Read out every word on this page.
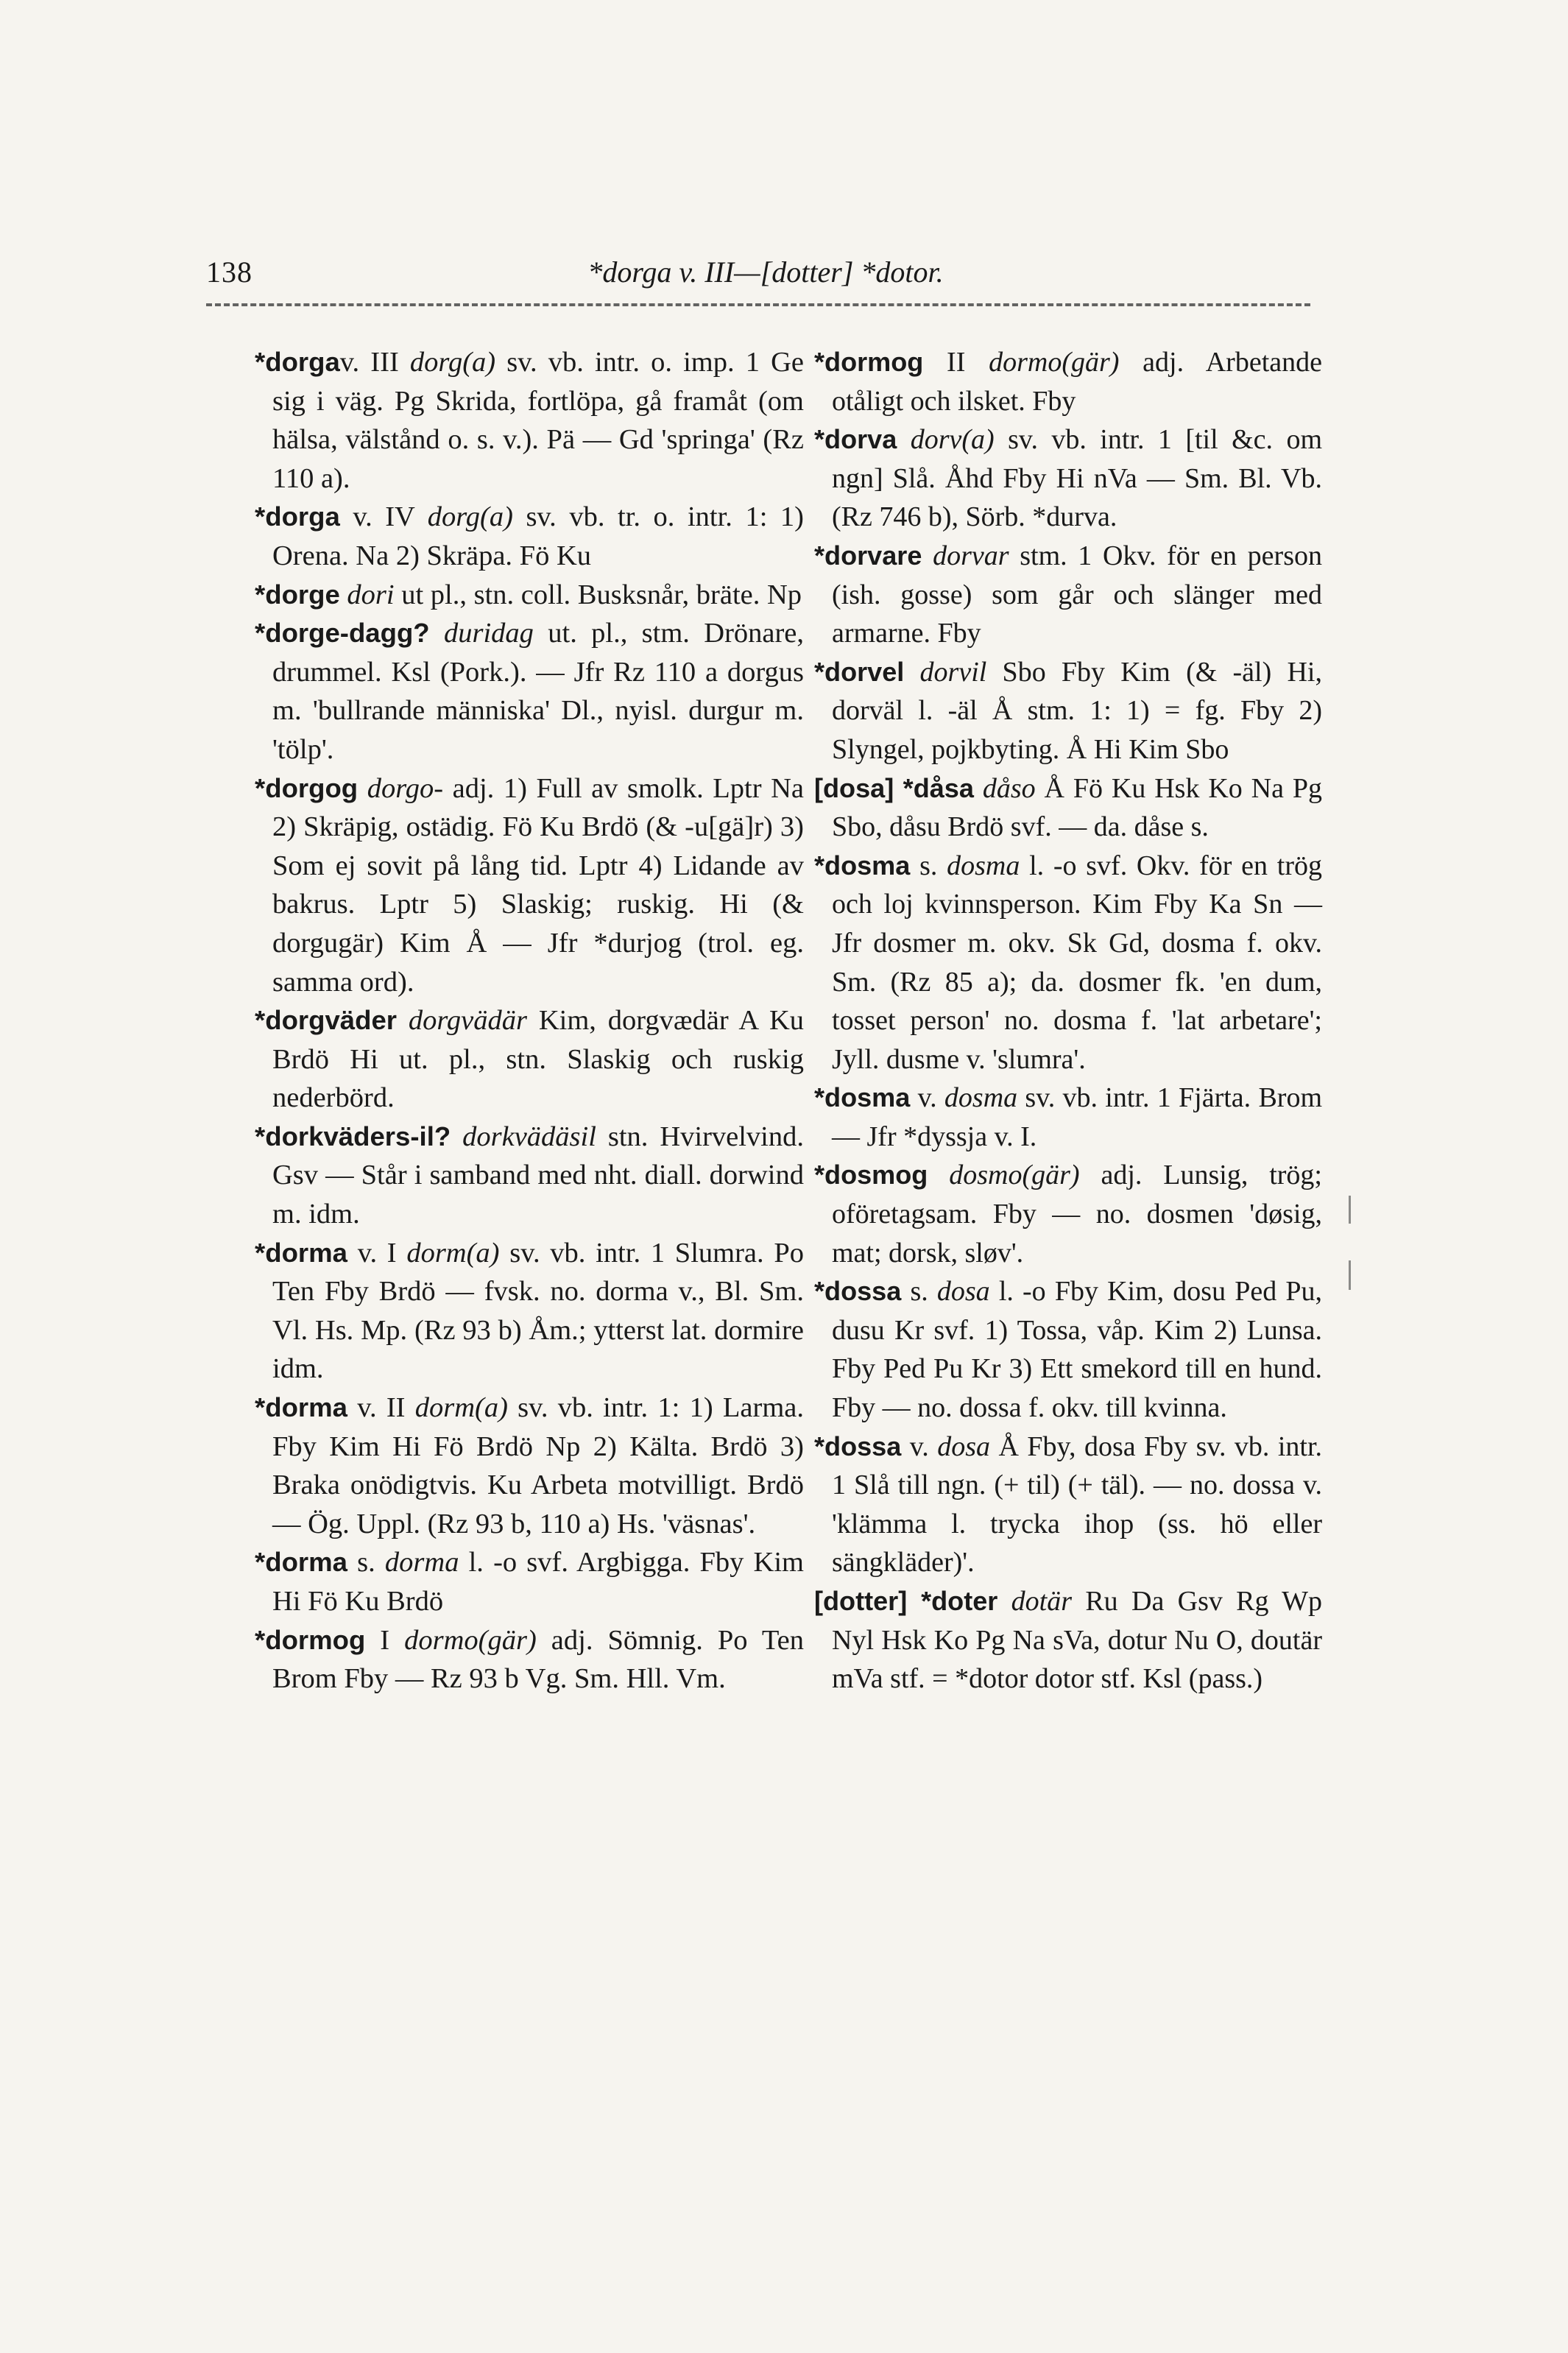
138	*dorga v. III—[dotter] *dotor.

*dorgav. III dorg(a) sv. vb. intr. o. imp. 1 Ge sig i väg. Pg Skrida, fortlöpa, gå framåt (om hälsa, välstånd o. s. v.). Pä — Gd 'springa' (Rz 110 a).

*dorga v. IV dorg(a) sv. vb. tr. o. intr. 1: 1) Orena. Na 2) Skräpa. Fö Ku

*dorge dori ut pl., stn. coll. Busksnår, bräte. Np

*dorge-dagg? duridag ut. pl., stm. Drönare, drummel. Ksl (Pork.). — Jfr Rz 110 a dorgus m. 'bullrande människa' Dl., nyisl. durgur m. 'tölp'.

*dorgog dorgo- adj. 1) Full av smolk. Lptr Na 2) Skräpig, ostädig. Fö Ku Brdö (& -u[gä]r) 3) Som ej sovit på lång tid. Lptr 4) Lidande av bakrus. Lptr 5) Slaskig; ruskig. Hi (& dorgugär) Kim Å — Jfr *durjog (trol. eg. samma ord).

*dorgväder dorgvädär Kim, dorgvædär A Ku Brdö Hi ut. pl., stn. Slaskig och ruskig nederbörd.

*dorkväders-il? dorkvädäsil stn. Hvirvelvind. Gsv — Står i samband med nht. diall. dorwind m. idm.

*dorma v. I dorm(a) sv. vb. intr. 1 Slumra. Po Ten Fby Brdö — fvsk. no. dorma v., Bl. Sm. Vl. Hs. Mp. (Rz 93 b) Åm.; ytterst lat. dormire idm.

*dorma v. II dorm(a) sv. vb. intr. 1: 1) Larma. Fby Kim Hi Fö Brdö Np 2) Kälta. Brdö 3) Braka onödigtvis. Ku Arbeta motvilligt. Brdö — Ög. Uppl. (Rz 93 b, 110 a) Hs. 'väsnas'.

*dorma s. dorma l. -o svf. Argbigga. Fby Kim Hi Fö Ku Brdö

*dormog I dormo(gär) adj. Sömnig. Po Ten Brom Fby — Rz 93 b Vg. Sm. Hll. Vm.

*dormog II dormo(gär) adj. Arbetande otåligt och ilsket. Fby

*dorva dorv(a) sv. vb. intr. 1 [til &c. om ngn] Slå. Åhd Fby Hi nVa — Sm. Bl. Vb. (Rz 746 b), Sörb. *durva.

*dorvare dorvar stm. 1 Okv. för en person (ish. gosse) som går och slänger med armarne. Fby

*dorvel dorvil Sbo Fby Kim (& -äl) Hi, dorväl l. -äl Å stm. 1: 1) = fg. Fby 2) Slyngel, pojkbyting. Å Hi Kim Sbo

[dosa] *dåsa dåso Å Fö Ku Hsk Ko Na Pg Sbo, dåsu Brdö svf. — da. dåse s.

*dosma s. dosma l. -o svf. Okv. för en trög och loj kvinnsperson. Kim Fby Ka Sn — Jfr dosmer m. okv. Sk Gd, dosma f. okv. Sm. (Rz 85 a); da. dosmer fk. 'en dum, tosset person' no. dosma f. 'lat arbetare'; Jyll. dusme v. 'slumra'.

*dosma v. dosma sv. vb. intr. 1 Fjärta. Brom — Jfr *dyssja v. I.

*dosmog dosmo(gär) adj. Lunsig, trög; oföretagsam. Fby — no. dosmen 'døsig, mat; dorsk, sløv'.

*dossa s. dosa l. -o Fby Kim, dosu Ped Pu, dusu Kr svf. 1) Tossa, våp. Kim 2) Lunsa. Fby Ped Pu Kr 3) Ett smekord till en hund. Fby — no. dossa f. okv. till kvinna.

*dossa v. dosa Å Fby, dosa Fby sv. vb. intr. 1 Slå till ngn. (+ til) (+ täl). — no. dossa v. 'klämma l. trycka ihop (ss. hö eller sängkläder)'.

[dotter] *doter dotär Ru Da Gsv Rg Wp Nyl Hsk Ko Pg Na sVa, dotur Nu O, doutär mVa stf. = *dotor dotor stf. Ksl (pass.)
